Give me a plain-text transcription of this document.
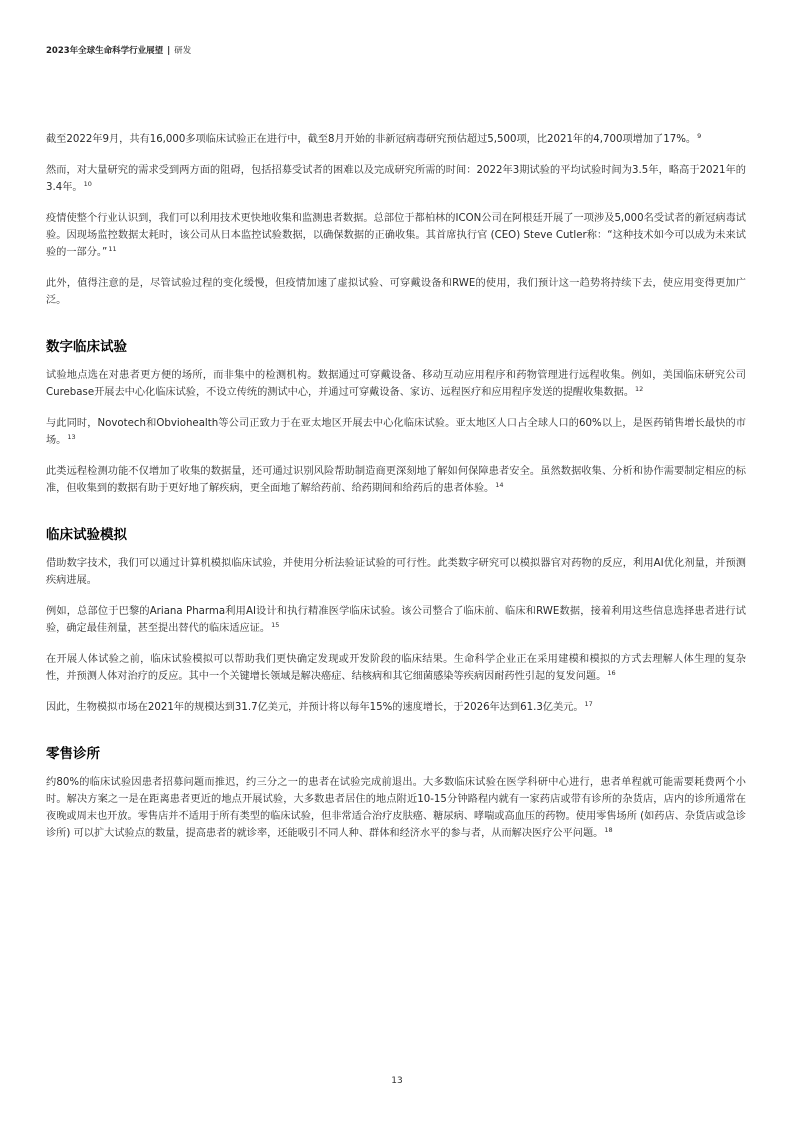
2023年全球生命科学行业展望 | 研发

截至2022年9月，共有16,000多项临床试验正在进行中，截至8月开始的非新冠病毒研究预估超过5,500项，比2021年的4,700项增加了17%。$^9$

然而，对大量研究的需求受到两方面的阻碍，包括招募受试者的困难以及完成研究所需的时间：2022年3期试验的平均试验时间为3.5年，略高于2021年的3.4年。$^{10}$

疫情使整个行业认识到，我们可以利用技术更快地收集和监测患者数据。总部位于都柏林的ICON公司在阿根廷开展了一项涉及5,000名受试者的新冠病毒试验。因现场监控数据太耗时，该公司从日本监控试验数据，以确保数据的正确收集。其首席执行官 (CEO) Steve Cutler称：“这种技术如今可以成为未来试验的一部分。”$^{11}$

此外，值得注意的是，尽管试验过程的变化缓慢，但疫情加速了虚拟试验、可穿戴设备和RWE的使用，我们预计这一趋势将持续下去，使应用变得更加广泛。

数字临床试验

试验地点选在对患者更方便的场所，而非集中的检测机构。数据通过可穿戴设备、移动互动应用程序和药物管理进行远程收集。例如，美国临床研究公司Curebase开展去中心化临床试验，不设立传统的测试中心，并通过可穿戴设备、家访、远程医疗和应用程序发送的提醒收集数据。$^{12}$

与此同时，Novotech和Obviohealth等公司正致力于在亚太地区开展去中心化临床试验。亚太地区人口占全球人口的60%以上，是医药销售增长最快的市场。$^{13}$

此类远程检测功能不仅增加了收集的数据量，还可通过识别风险帮助制造商更深刻地了解如何保障患者安全。虽然数据收集、分析和协作需要制定相应的标准，但收集到的数据有助于更好地了解疾病，更全面地了解给药前、给药期间和给药后的患者体验。$^{14}$

临床试验模拟

借助数字技术，我们可以通过计算机模拟临床试验，并使用分析法验证试验的可行性。此类数字研究可以模拟器官对药物的反应，利用AI优化剂量，并预测疾病进展。

例如，总部位于巴黎的Ariana Pharma利用AI设计和执行精准医学临床试验。该公司整合了临床前、临床和RWE数据，接着利用这些信息选择患者进行试验，确定最佳剂量，甚至提出替代的临床适应证。$^{15}$

在开展人体试验之前，临床试验模拟可以帮助我们更快确定发现或开发阶段的临床结果。生命科学企业正在采用建模和模拟的方式去理解人体生理的复杂性，并预测人体对治疗的反应。其中一个关键增长领域是解决癌症、结核病和其它细菌感染等疾病因耐药性引起的复发问题。$^{16}$

因此，生物模拟市场在2021年的规模达到31.7亿美元，并预计将以每年15%的速度增长，于2026年达到61.3亿美元。$^{17}$

零售诊所

约80%的临床试验因患者招募问题而推迟，约三分之一的患者在试验完成前退出。大多数临床试验在医学科研中心进行，患者单程就可能需要耗费两个小时。解决方案之一是在距离患者更近的地点开展试验，大多数患者居住的地点附近10-15分钟路程内就有一家药店或带有诊所的杂货店，店内的诊所通常在夜晚或周末也开放。零售店并不适用于所有类型的临床试验，但非常适合治疗皮肤癌、糖尿病、哮喘或高血压的药物。使用零售场所 (如药店、杂货店或急诊诊所) 可以扩大试验点的数量，提高患者的就诊率，还能吸引不同人种、群体和经济水平的参与者，从而解决医疗公平问题。$^{18}$

13
